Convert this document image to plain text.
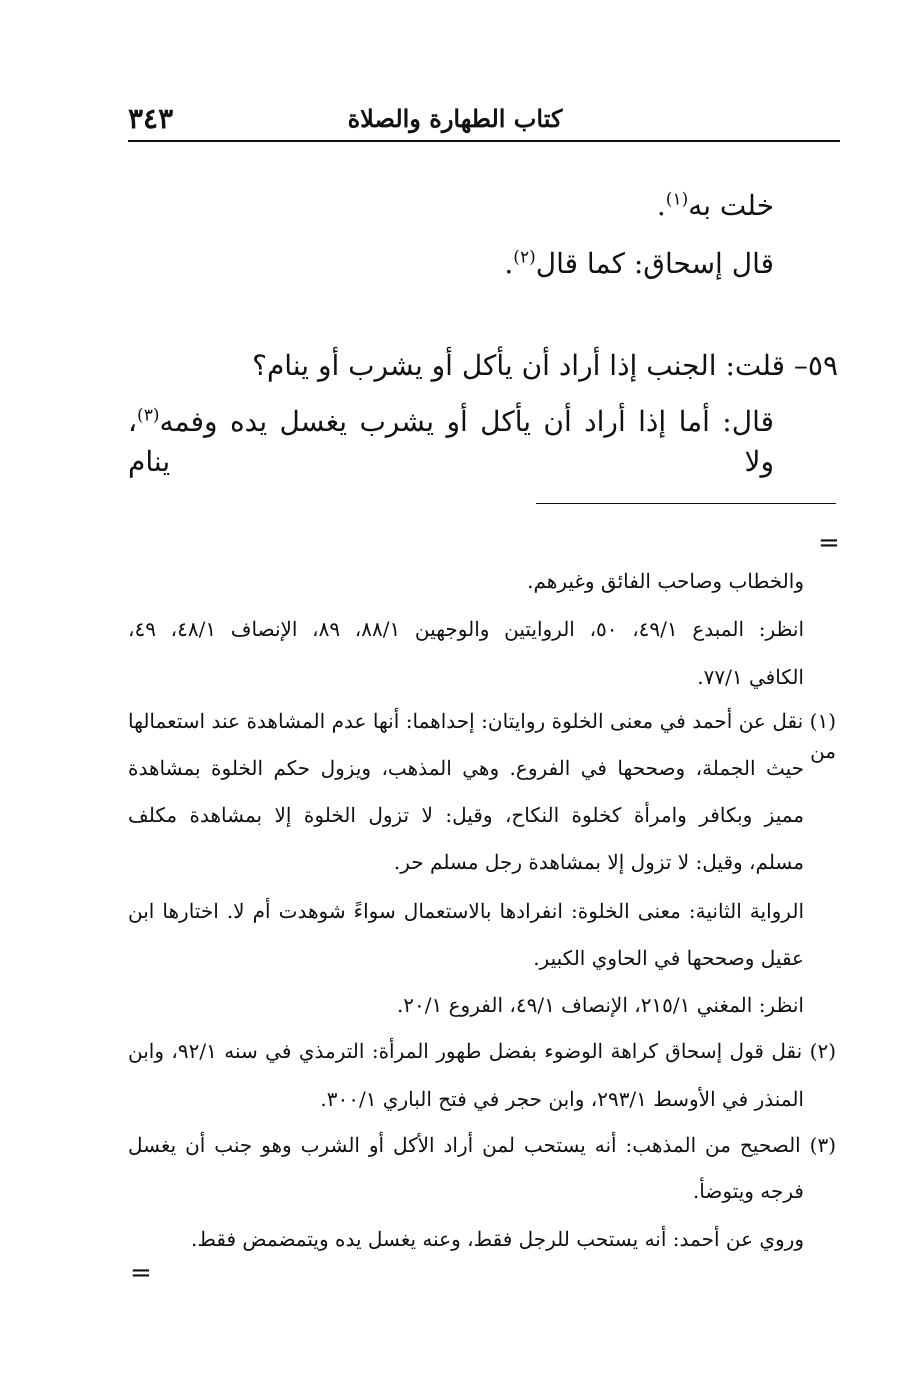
٣٤٣	كتاب الطهارة والصلاة
خلت به$^{(١)}$.
قال إسحاق: كما قال$^{(٢)}$.
٥٩– قلت: الجنب إذا أراد أن يأكل أو يشرب أو ينام؟
قال: أما إذا أراد أن يأكل أو يشرب يغسل يده وفمه$^{(٣)}$، ولا ينام
=
والخطاب وصاحب الفائق وغيرهم.
انظر: المبدع ٤٩/١، ٥٠، الروايتين والوجهين ٨٨/١، ٨٩، الإنصاف ٤٨/١، ٤٩،
الكافي ٧٧/١.
(١) نقل عن أحمد في معنى الخلوة روايتان: إحداهما: أنها عدم المشاهدة عند استعمالها من
حيث الجملة، وصححها في الفروع. وهي المذهب، ويزول حكم الخلوة بمشاهدة
مميز وبكافر وامرأة كخلوة النكاح، وقيل: لا تزول الخلوة إلا بمشاهدة مكلف
مسلم، وقيل: لا تزول إلا بمشاهدة رجل مسلم حر.
الرواية الثانية: معنى الخلوة: انفرادها بالاستعمال سواءً شوهدت أم لا. اختارها ابن
عقيل وصححها في الحاوي الكبير.
انظر: المغني ٢١٥/١، الإنصاف ٤٩/١، الفروع ٢٠/١.
(٢) نقل قول إسحاق كراهة الوضوء بفضل طهور المرأة: الترمذي في سنه ٩٢/١، وابن
المنذر في الأوسط ٢٩٣/١، وابن حجر في فتح الباري ٣٠٠/١.
(٣) الصحيح من المذهب: أنه يستحب لمن أراد الأكل أو الشرب وهو جنب أن يغسل
فرجه ويتوضأ.
وروي عن أحمد: أنه يستحب للرجل فقط، وعنه يغسل يده ويتمضمض فقط.
=
